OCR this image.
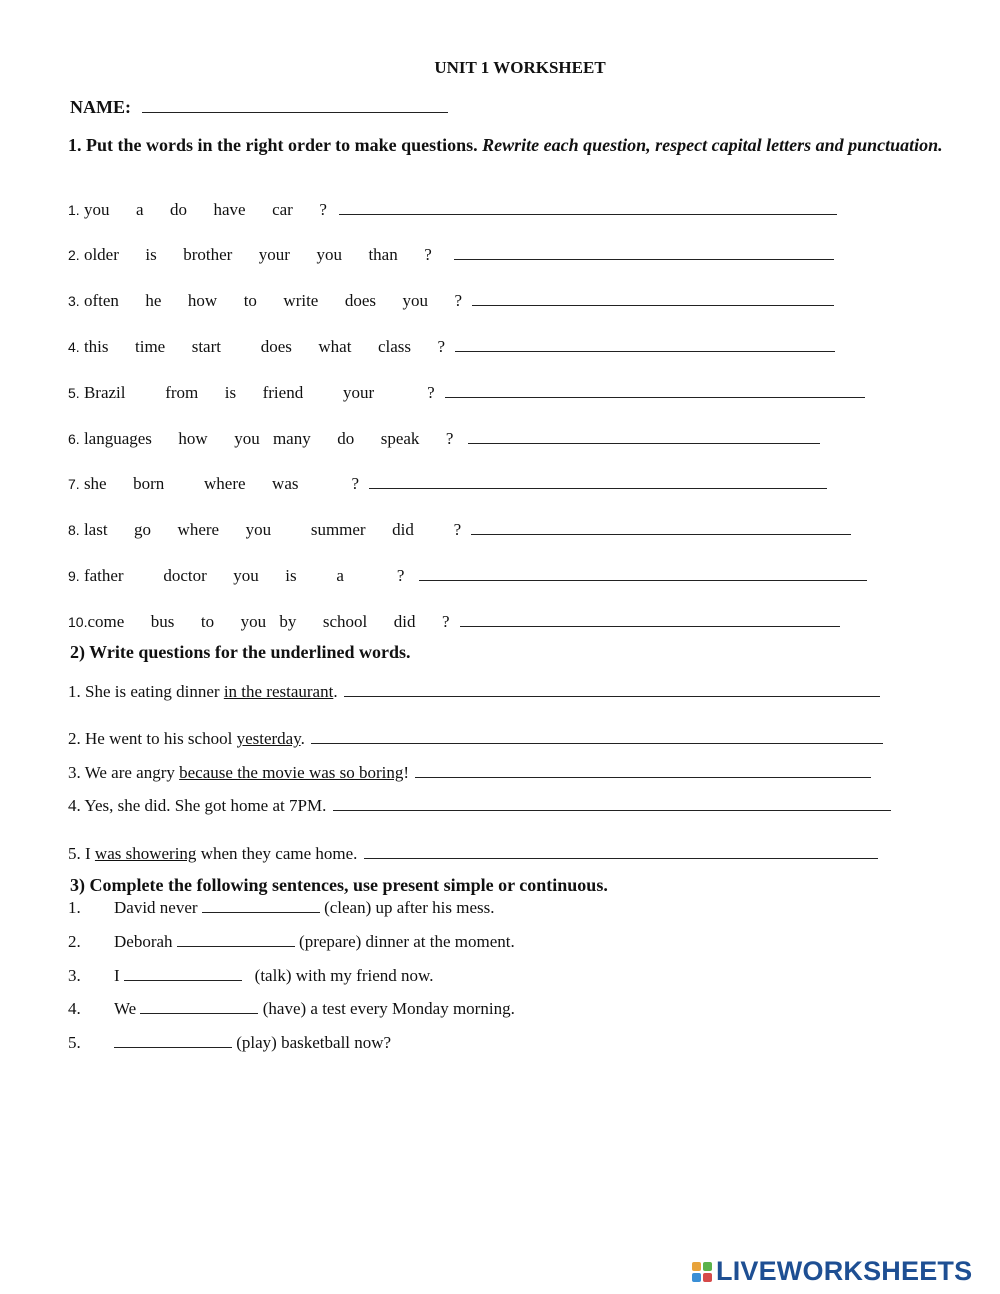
UNIT 1 WORKSHEET
NAME:
1. Put the words in the right order to make questions. Rewrite each question, respect capital letters and punctuation.
1. you  a  do  have  car  ?
2. older  is  brother  your  you  than  ?
3. often  he  how  to  write  does  you  ?
4. this  time  start   does  what  class  ?
5. Brazil   from  is  friend   your    ?
6. languages  how  you many  do  speak  ?
7. she  born   where  was    ?
8. last  go  where  you   summer  did   ?
9. father   doctor  you  is   a    ?
10.come  bus  to  you by  school  did  ?
2) Write questions for the underlined words.
1. She is eating dinner in the restaurant.
2. He went to his school yesterday.
3. We are angry because the movie was so boring!
4. Yes, she did. She got home at 7PM.
5. I was showering when they came home.
3) Complete the following sentences, use present simple or continuous.
1. David never	(clean) up after his mess.
2. Deborah	(prepare) dinner at the moment.
3. I	(talk) with my friend now.
4. We	(have) a test every Monday morning.
5.	(play) basketball now?
LIVEWORKSHEETS
